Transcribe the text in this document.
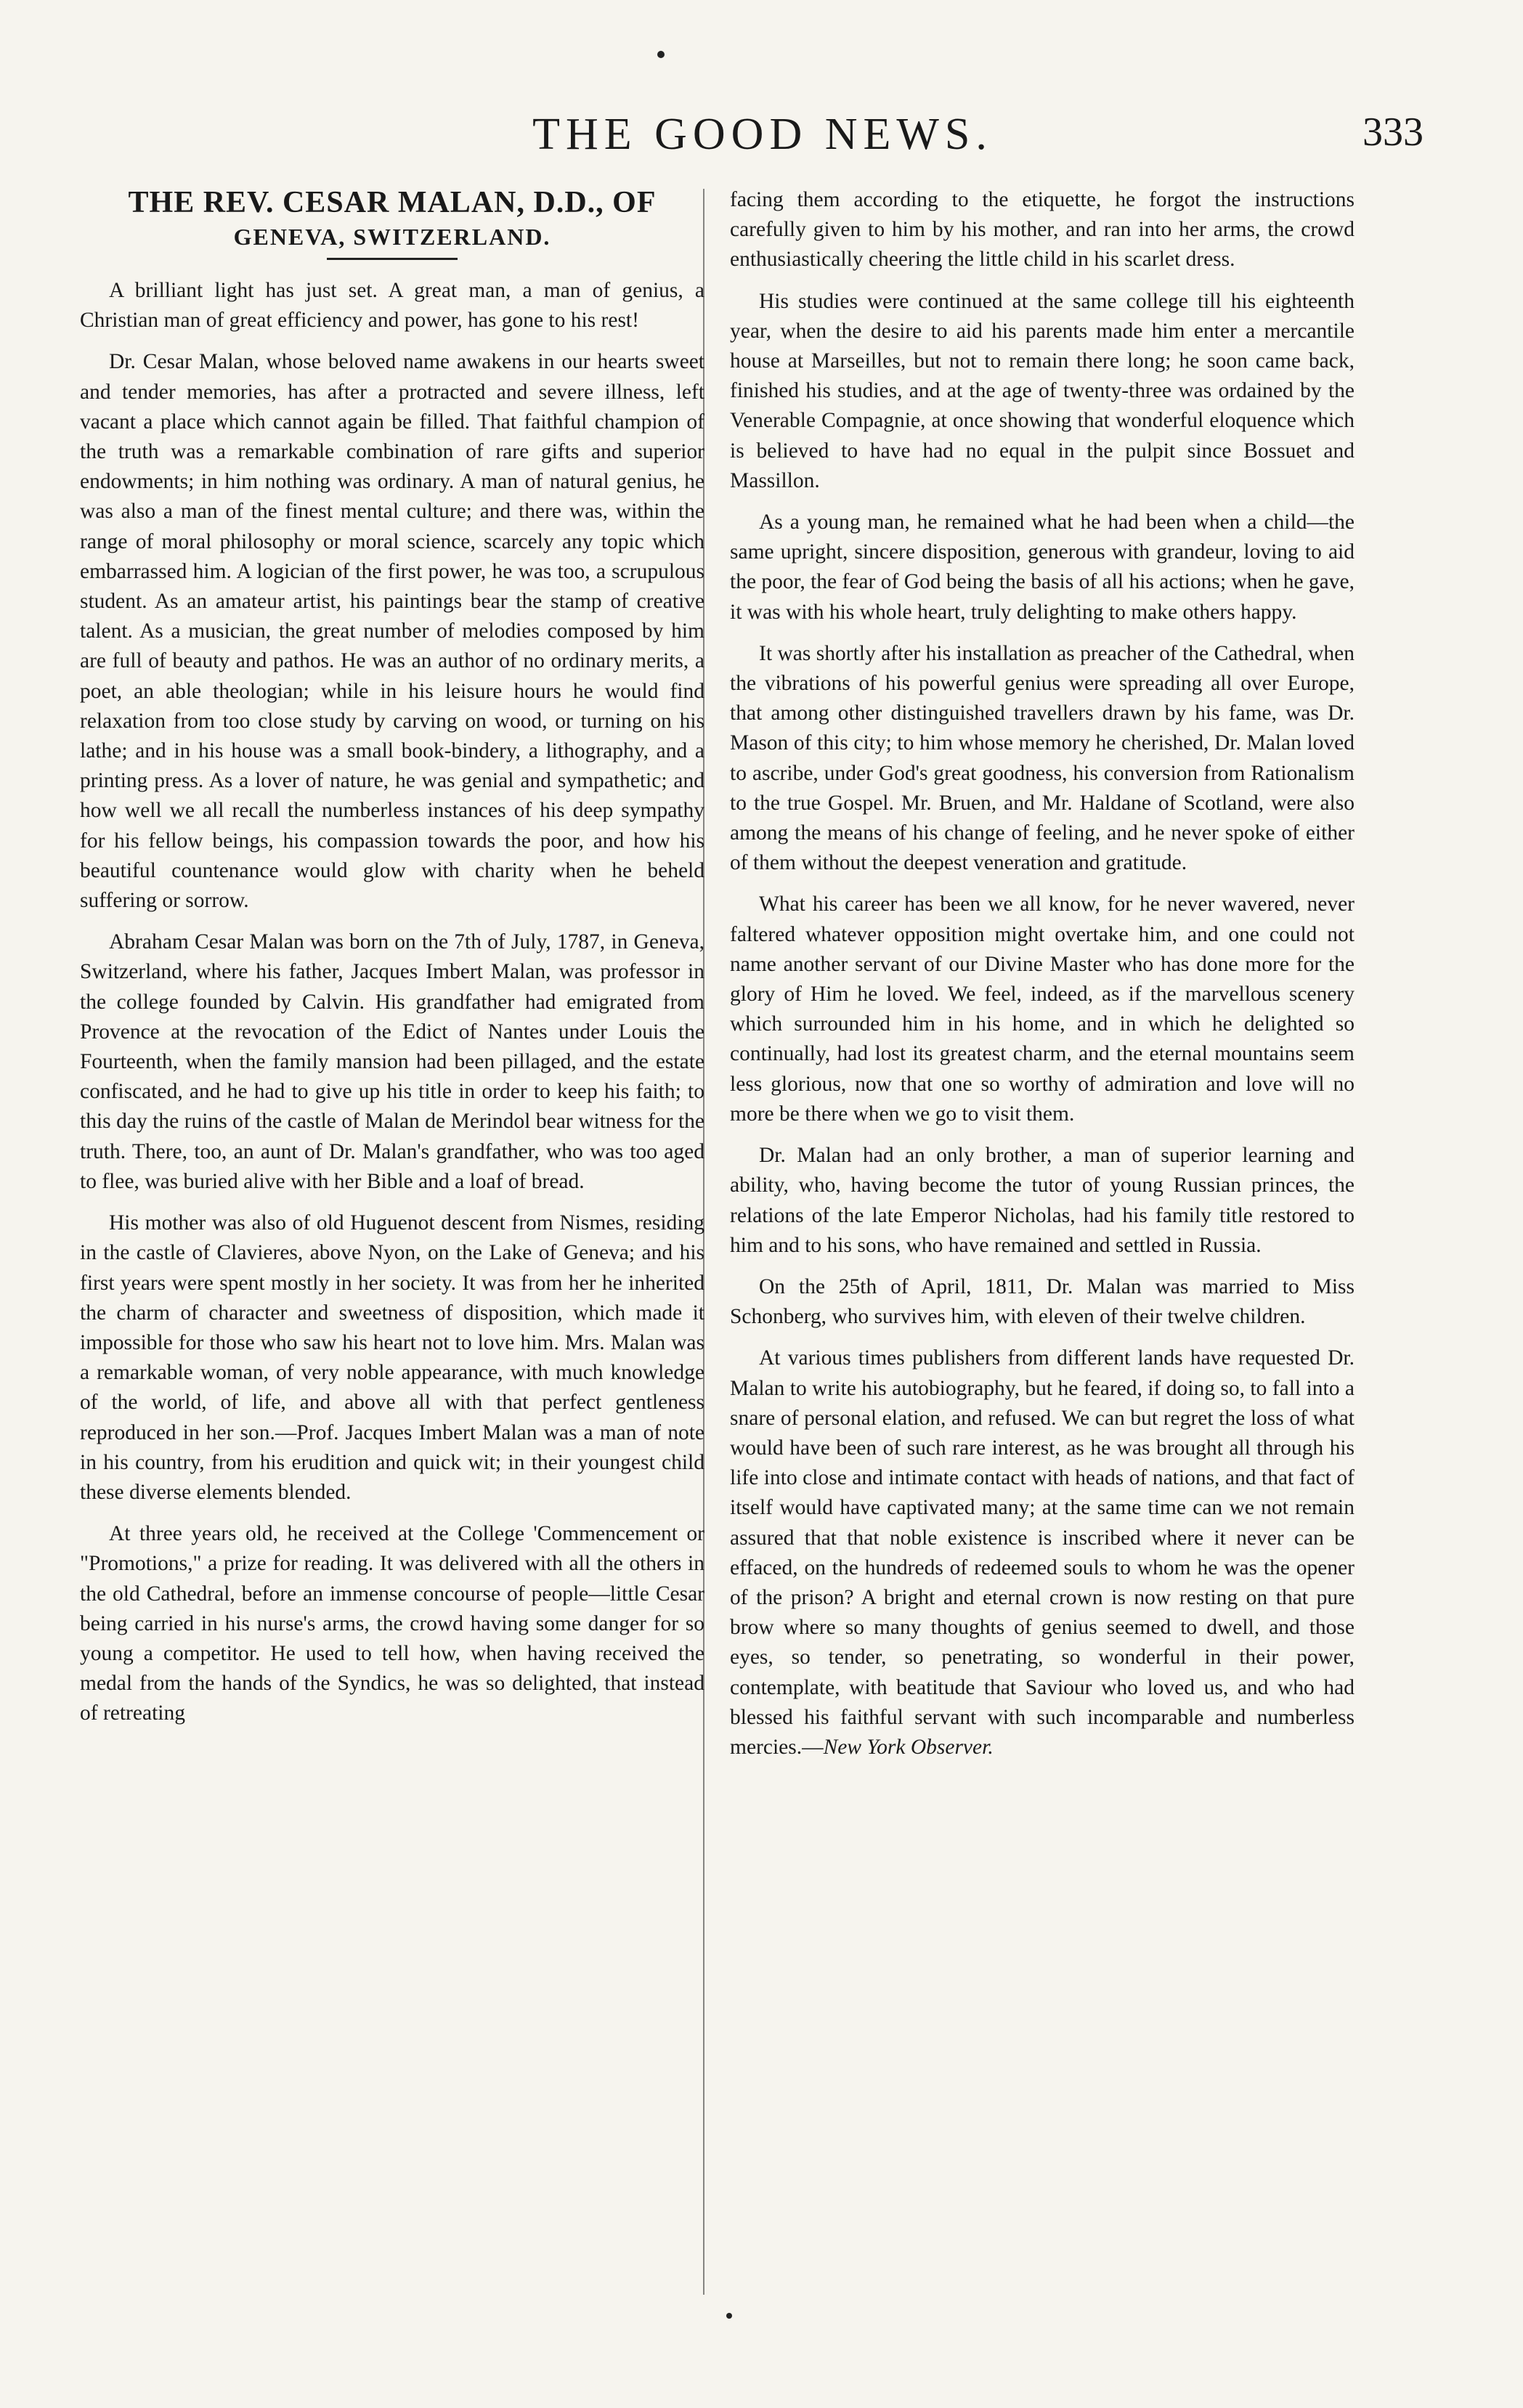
THE GOOD NEWS.	333
THE REV. CESAR MALAN, D.D., OF
GENEVA, SWITZERLAND.

A brilliant light has just set. A great man, a man of genius, a Christian man of great efficiency and power, has gone to his rest!

Dr. Cesar Malan, whose beloved name awakens in our hearts sweet and tender memories, has after a protracted and severe illness, left vacant a place which cannot again be filled. That faithful champion of the truth was a remarkable combination of rare gifts and superior endowments; in him nothing was ordinary. A man of natural genius, he was also a man of the finest mental culture; and there was, within the range of moral philosophy or moral science, scarcely any topic which embarrassed him. A logician of the first power, he was too, a scrupulous student. As an amateur artist, his paintings bear the stamp of creative talent. As a musician, the great number of melodies composed by him are full of beauty and pathos. He was an author of no ordinary merits, a poet, an able theologian; while in his leisure hours he would find relaxation from too close study by carving on wood, or turning on his lathe; and in his house was a small book-bindery, a lithography, and a printing press. As a lover of nature, he was genial and sympathetic; and how well we all recall the numberless instances of his deep sympathy for his fellow beings, his compassion towards the poor, and how his beautiful countenance would glow with charity when he beheld suffering or sorrow.

Abraham Cesar Malan was born on the 7th of July, 1787, in Geneva, Switzerland, where his father, Jacques Imbert Malan, was professor in the college founded by Calvin. His grandfather had emigrated from Provence at the revocation of the Edict of Nantes under Louis the Fourteenth, when the family mansion had been pillaged, and the estate confiscated, and he had to give up his title in order to keep his faith; to this day the ruins of the castle of Malan de Merindol bear witness for the truth. There, too, an aunt of Dr. Malan's grandfather, who was too aged to flee, was buried alive with her Bible and a loaf of bread.

His mother was also of old Huguenot descent from Nismes, residing in the castle of Clavieres, above Nyon, on the Lake of Geneva; and his first years were spent mostly in her society. It was from her he inherited the charm of character and sweetness of disposition, which made it impossible for those who saw his heart not to love him. Mrs. Malan was a remarkable woman, of very noble appearance, with much knowledge of the world, of life, and above all with that perfect gentleness reproduced in her son.—Prof. Jacques Imbert Malan was a man of note in his country, from his erudition and quick wit; in their youngest child these diverse elements blended.

At three years old, he received at the College 'Commencement or "Promotions," a prize for reading. It was delivered with all the others in the old Cathedral, before an immense concourse of people—little Cesar being carried in his nurse's arms, the crowd having some danger for so young a competitor. He used to tell how, when having received the medal from the hands of the Syndics, he was so delighted, that instead of retreating

facing them according to the etiquette, he forgot the instructions carefully given to him by his mother, and ran into her arms, the crowd enthusiastically cheering the little child in his scarlet dress.

His studies were continued at the same college till his eighteenth year, when the desire to aid his parents made him enter a mercantile house at Marseilles, but not to remain there long; he soon came back, finished his studies, and at the age of twenty-three was ordained by the Venerable Compagnie, at once showing that wonderful eloquence which is believed to have had no equal in the pulpit since Bossuet and Massillon.

As a young man, he remained what he had been when a child—the same upright, sincere disposition, generous with grandeur, loving to aid the poor, the fear of God being the basis of all his actions; when he gave, it was with his whole heart, truly delighting to make others happy.

It was shortly after his installation as preacher of the Cathedral, when the vibrations of his powerful genius were spreading all over Europe, that among other distinguished travellers drawn by his fame, was Dr. Mason of this city; to him whose memory he cherished, Dr. Malan loved to ascribe, under God's great goodness, his conversion from Rationalism to the true Gospel. Mr. Bruen, and Mr. Haldane of Scotland, were also among the means of his change of feeling, and he never spoke of either of them without the deepest veneration and gratitude.

What his career has been we all know, for he never wavered, never faltered whatever opposition might overtake him, and one could not name another servant of our Divine Master who has done more for the glory of Him he loved. We feel, indeed, as if the marvellous scenery which surrounded him in his home, and in which he delighted so continually, had lost its greatest charm, and the eternal mountains seem less glorious, now that one so worthy of admiration and love will no more be there when we go to visit them.

Dr. Malan had an only brother, a man of superior learning and ability, who, having become the tutor of young Russian princes, the relations of the late Emperor Nicholas, had his family title restored to him and to his sons, who have remained and settled in Russia.

On the 25th of April, 1811, Dr. Malan was married to Miss Schonberg, who survives him, with eleven of their twelve children.

At various times publishers from different lands have requested Dr. Malan to write his autobiography, but he feared, if doing so, to fall into a snare of personal elation, and refused. We can but regret the loss of what would have been of such rare interest, as he was brought all through his life into close and intimate contact with heads of nations, and that fact of itself would have captivated many; at the same time can we not remain assured that that noble existence is inscribed where it never can be effaced, on the hundreds of redeemed souls to whom he was the opener of the prison? A bright and eternal crown is now resting on that pure brow where so many thoughts of genius seemed to dwell, and those eyes, so tender, so penetrating, so wonderful in their power, contemplate, with beatitude that Saviour who loved us, and who had blessed his faithful servant with such incomparable and numberless mercies.—New York Observer.
